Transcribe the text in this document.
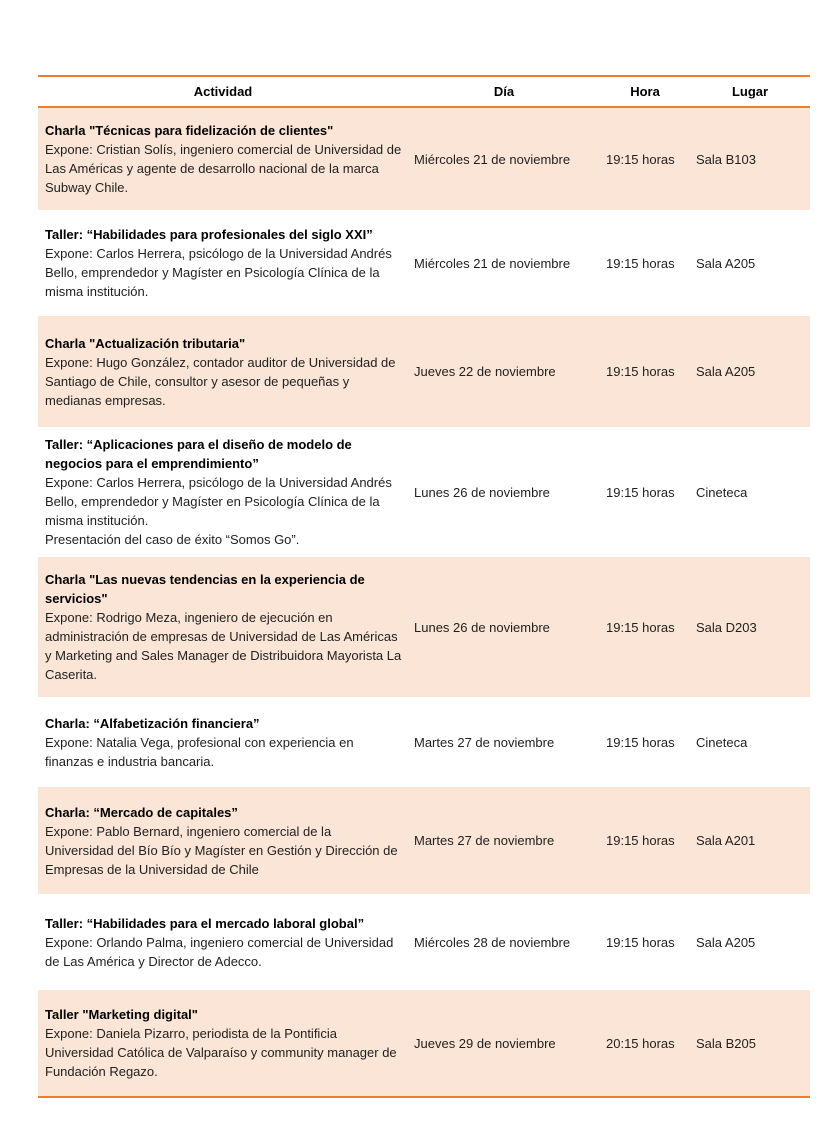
Actividad	Día	Hora	Lugar

Charla "Técnicas para fidelización de clientes"
Expone: Cristian Solís, ingeniero comercial de Universidad de Las Américas y agente de desarrollo nacional de la marca Subway Chile.	Miércoles 21 de noviembre	19:15 horas	Sala B103

Taller: “Habilidades para profesionales del siglo XXI”
Expone: Carlos Herrera, psicólogo de la Universidad Andrés Bello, emprendedor y Magíster en Psicología Clínica de la misma institución.	Miércoles 21 de noviembre	19:15 horas	Sala A205

Charla "Actualización tributaria"
Expone: Hugo González, contador auditor de Universidad de Santiago de Chile, consultor y asesor de pequeñas y medianas empresas.	Jueves 22 de noviembre	19:15 horas	Sala A205

Taller: “Aplicaciones para el diseño de modelo de negocios para el emprendimiento”
Expone: Carlos Herrera, psicólogo de la Universidad Andrés Bello, emprendedor y Magíster en Psicología Clínica de la misma institución.
Presentación del caso de éxito “Somos Go”.	Lunes 26 de noviembre	19:15 horas	Cineteca

Charla "Las nuevas tendencias en la experiencia de servicios"
Expone: Rodrigo Meza, ingeniero de ejecución en administración de empresas de Universidad de Las Américas y Marketing and Sales Manager de Distribuidora Mayorista La Caserita.	Lunes 26 de noviembre	19:15 horas	Sala D203

Charla: “Alfabetización financiera”
Expone: Natalia Vega, profesional con experiencia en finanzas e industria bancaria.	Martes 27 de noviembre	19:15 horas	Cineteca

Charla: “Mercado de capitales”
Expone: Pablo Bernard, ingeniero comercial de la Universidad del Bío Bío y Magíster en Gestión y Dirección de Empresas de la Universidad de Chile	Martes 27 de noviembre	19:15 horas	Sala A201

Taller: “Habilidades para el mercado laboral global”
Expone: Orlando Palma, ingeniero comercial de Universidad de Las América y Director de Adecco.	Miércoles 28 de noviembre	19:15 horas	Sala A205

Taller "Marketing digital"
Expone: Daniela Pizarro, periodista de la Pontificia Universidad Católica de Valparaíso y community manager de Fundación Regazo.	Jueves 29 de noviembre	20:15 horas	Sala B205
